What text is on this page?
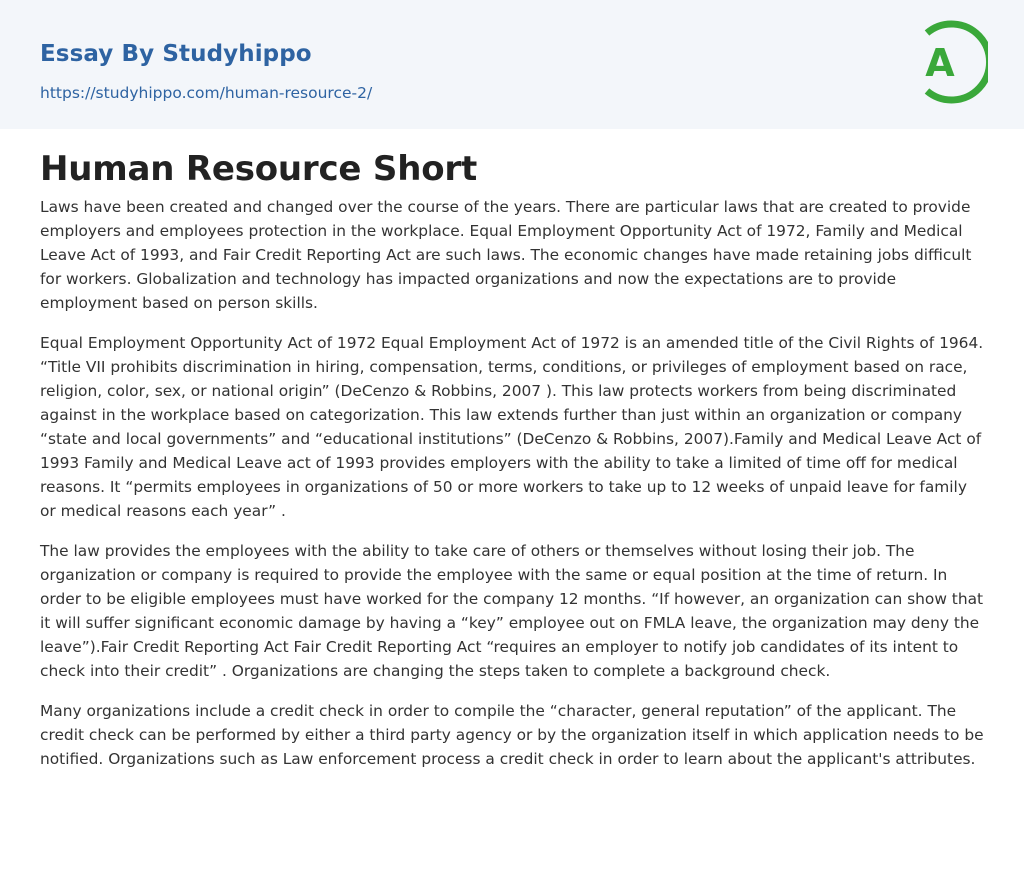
Essay By Studyhippo
https://studyhippo.com/human-resource-2/
A
Human Resource Short

Laws have been created and changed over the course of the years. There are particular laws that are created to provide employers and employees protection in the workplace. Equal Employment Opportunity Act of 1972, Family and Medical Leave Act of 1993, and Fair Credit Reporting Act are such laws. The economic changes have made retaining jobs difficult for workers. Globalization and technology has impacted organizations and now the expectations are to provide employment based on person skills.

Equal Employment Opportunity Act of 1972 Equal Employment Act of 1972 is an amended title of the Civil Rights of 1964. “Title VII prohibits discrimination in hiring, compensation, terms, conditions, or privileges of employment based on race, religion, color, sex, or national origin” (DeCenzo & Robbins, 2007 ). This law protects workers from being discriminated against in the workplace based on categorization. This law extends further than just within an organization or company “state and local governments” and “educational institutions” (DeCenzo & Robbins, 2007).Family and Medical Leave Act of 1993 Family and Medical Leave act of 1993 provides employers with the ability to take a limited of time off for medical reasons. It “permits employees in organizations of 50 or more workers to take up to 12 weeks of unpaid leave for family or medical reasons each year” .

The law provides the employees with the ability to take care of others or themselves without losing their job. The organization or company is required to provide the employee with the same or equal position at the time of return. In order to be eligible employees must have worked for the company 12 months. “If however, an organization can show that it will suffer significant economic damage by having a “key” employee out on FMLA leave, the organization may deny the leave”).Fair Credit Reporting Act Fair Credit Reporting Act “requires an employer to notify job candidates of its intent to check into their credit” . Organizations are changing the steps taken to complete a background check.

Many organizations include a credit check in order to compile the “character, general reputation” of the applicant. The credit check can be performed by either a third party agency or by the organization itself in which application needs to be notified. Organizations such as Law enforcement process a credit check in order to learn about the applicant's attributes.
